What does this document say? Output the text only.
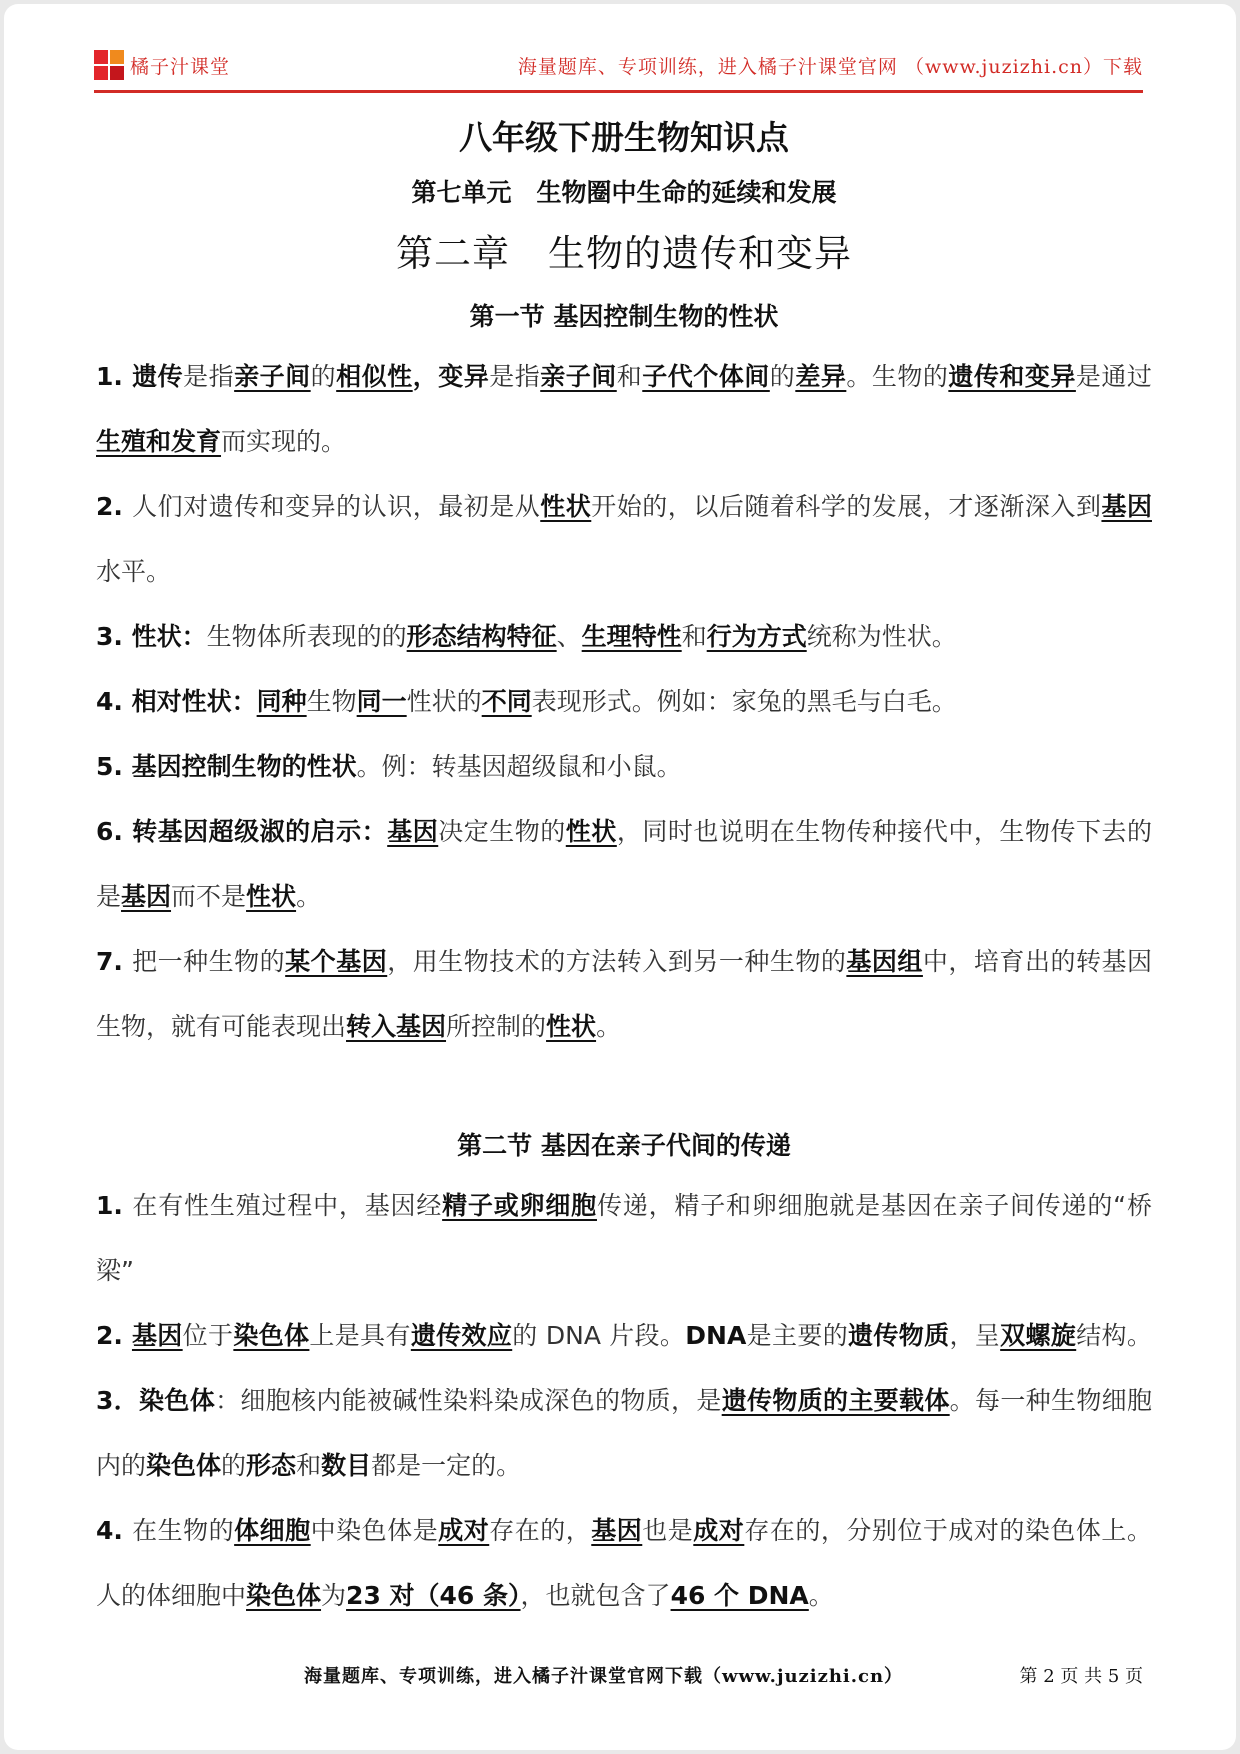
橘子汁课堂	海量题库、专项训练，进入橘子汁课堂官网 （www.juzizhi.cn）下载
八年级下册生物知识点
第七单元　生物圈中生命的延续和发展
第二章　生物的遗传和变异
第一节 基因控制生物的性状
1. 遗传是指亲子间的相似性，变异是指亲子间和子代个体间的差异。生物的遗传和变异是通过生殖和发育而实现的。
2. 人们对遗传和变异的认识，最初是从性状开始的，以后随着科学的发展，才逐渐深入到基因水平。
3. 性状：生物体所表现的的形态结构特征、生理特性和行为方式统称为性状。
4. 相对性状：同种生物同一性状的不同表现形式。例如：家兔的黑毛与白毛。
5. 基因控制生物的性状。例：转基因超级鼠和小鼠。
6. 转基因超级淑的启示：基因决定生物的性状，同时也说明在生物传种接代中，生物传下去的是基因而不是性状。
7. 把一种生物的某个基因，用生物技术的方法转入到另一种生物的基因组中，培育出的转基因生物，就有可能表现出转入基因所控制的性状。
第二节 基因在亲子代间的传递
1. 在有性生殖过程中，基因经精子或卵细胞传递，精子和卵细胞就是基因在亲子间传递的“桥梁”
2. 基因位于染色体上是具有遗传效应的 DNA 片段。DNA是主要的遗传物质，呈双螺旋结构。3．染色体：细胞核内能被碱性染料染成深色的物质，是遗传物质的主要载体。每一种生物细胞内的染色体的形态和数目都是一定的。
4. 在生物的体细胞中染色体是成对存在的，基因也是成对存在的，分别位于成对的染色体上。人的体细胞中染色体为23 对（46 条），也就包含了46 个 DNA。
海量题库、专项训练，进入橘子汁课堂官网下载（www.juzizhi.cn）	第 2 页 共 5 页
